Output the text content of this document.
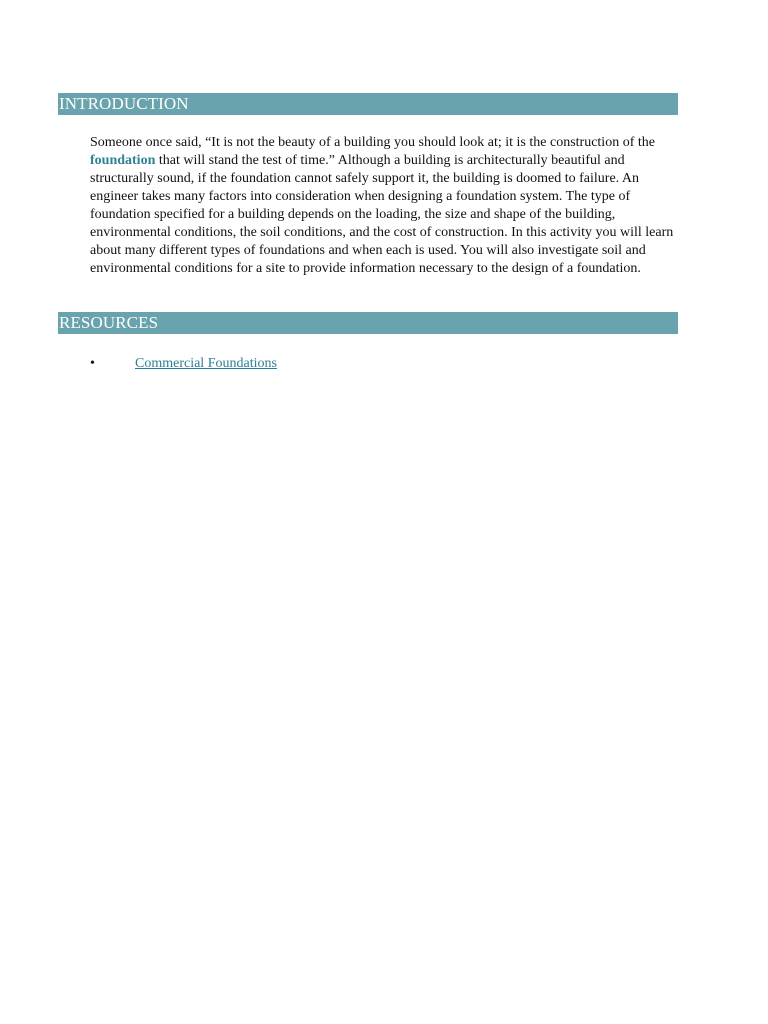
INTRODUCTION

Someone once said, “It is not the beauty of a building you should look at; it is the construction of the foundation that will stand the test of time.” Although a building is architecturally beautiful and structurally sound, if the foundation cannot safely support it, the building is doomed to failure. An engineer takes many factors into consideration when designing a foundation system. The type of foundation specified for a building depends on the loading, the size and shape of the building, environmental conditions, the soil conditions, and the cost of construction. In this activity you will learn about many different types of foundations and when each is used. You will also investigate soil and environmental conditions for a site to provide information necessary to the design of a foundation.

RESOURCES
•	Commercial Foundations
